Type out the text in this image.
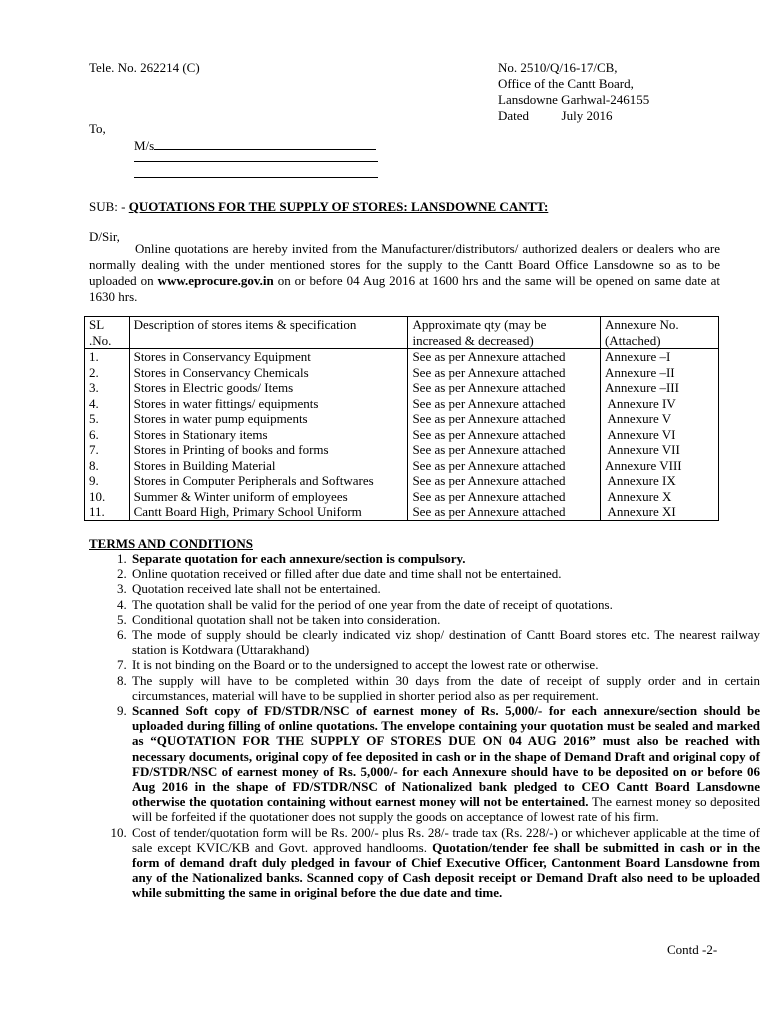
Tele. No. 262214 (C)	No. 2510/Q/16-17/CB,
Office of the Cantt Board,
Lansdowne Garhwal-246155
Dated          July 2016
To,
M/s
SUB: - QUOTATIONS FOR THE SUPPLY OF STORES: LANSDOWNE CANTT:
D/Sir,
Online quotations are hereby invited from the Manufacturer/distributors/ authorized dealers or dealers who are normally dealing with the under mentioned stores for the supply to the Cantt Board Office Lansdowne so as to be uploaded on www.eprocure.gov.in on or before 04 Aug 2016 at 1600 hrs and the same will be opened on same date at 1630 hrs.
SL .No.	Description of stores items & specification	Approximate qty (may be increased & decreased)	Annexure No. (Attached)
1.	Stores in Conservancy Equipment	See as per Annexure attached	Annexure –I
2.	Stores in Conservancy Chemicals	See as per Annexure attached	Annexure –II
3.	Stores in Electric goods/ Items	See as per Annexure attached	Annexure –III
4.	Stores in water fittings/ equipments	See as per Annexure attached	Annexure IV
5.	Stores in water pump equipments	See as per Annexure attached	Annexure V
6.	Stores in Stationary items	See as per Annexure attached	Annexure VI
7.	Stores in Printing of books and forms	See as per Annexure attached	Annexure VII
8.	Stores in Building Material	See as per Annexure attached	Annexure VIII
9.	Stores in Computer Peripherals and Softwares	See as per Annexure attached	Annexure IX
10.	Summer & Winter uniform of employees	See as per Annexure attached	Annexure X
11.	Cantt Board High, Primary School Uniform	See as per Annexure attached	Annexure XI
TERMS AND CONDITIONS
1. Separate quotation for each annexure/section is compulsory.
2. Online quotation received or filled after due date and time shall not be entertained.
3. Quotation received late shall not be entertained.
4. The quotation shall be valid for the period of one year from the date of receipt of quotations.
5. Conditional quotation shall not be taken into consideration.
6. The mode of supply should be clearly indicated viz shop/ destination of Cantt Board stores etc. The nearest railway station is Kotdwara (Uttarakhand)
7. It is not binding on the Board or to the undersigned to accept the lowest rate or otherwise.
8. The supply will have to be completed within 30 days from the date of receipt of supply order and in certain circumstances, material will have to be supplied in shorter period also as per requirement.
9. Scanned Soft copy of FD/STDR/NSC of earnest money of Rs. 5,000/- for each annexure/section should be uploaded during filling of online quotations. The envelope containing your quotation must be sealed and marked as “QUOTATION FOR THE SUPPLY OF STORES DUE ON 04 AUG 2016” must also be reached with necessary documents, original copy of fee deposited in cash or in the shape of Demand Draft and original copy of FD/STDR/NSC of earnest money of Rs. 5,000/- for each Annexure should have to be deposited on or before 06 Aug 2016 in the shape of FD/STDR/NSC of Nationalized bank pledged to CEO Cantt Board Lansdowne otherwise the quotation containing without earnest money will not be entertained. The earnest money so deposited will be forfeited if the quotationer does not supply the goods on acceptance of lowest rate of his firm.
10. Cost of tender/quotation form will be Rs. 200/- plus Rs. 28/- trade tax (Rs. 228/-) or whichever applicable at the time of sale except KVIC/KB and Govt. approved handlooms. Quotation/tender fee shall be submitted in cash or in the form of demand draft duly pledged in favour of Chief Executive Officer, Cantonment Board Lansdowne from any of the Nationalized banks. Scanned copy of Cash deposit receipt or Demand Draft also need to be uploaded while submitting the same in original before the due date and time.
Contd -2-
